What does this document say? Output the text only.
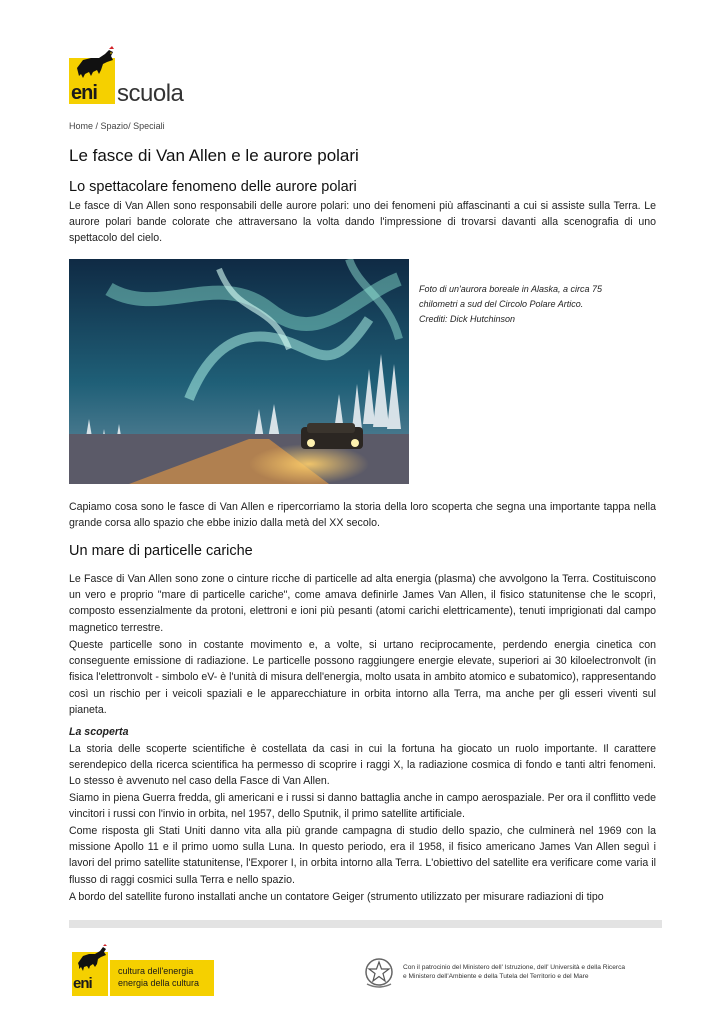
eni scuola
Home / Spazio/ Speciali
Le fasce di Van Allen e le aurore polari
Lo spettacolare fenomeno delle aurore polari

Le fasce di Van Allen sono responsabili delle aurore polari: uno dei fenomeni più affascinanti a cui si assiste sulla Terra. Le aurore polari bande colorate che attraversano la volta dando l'impressione di trovarsi davanti alla scenografia di uno spettacolo del cielo.

Foto di un'aurora boreale in Alaska, a circa 75
chilometri a sud del Circolo Polare Artico.
Crediti: Dick Hutchinson

Capiamo cosa sono le fasce di Van Allen e ripercorriamo la storia della loro scoperta che segna una importante tappa nella grande corsa allo spazio che ebbe inizio dalla metà del XX secolo.

Un mare di particelle cariche

Le Fasce di Van Allen sono zone o cinture ricche di particelle ad alta energia (plasma) che avvolgono la Terra. Costituiscono un vero e proprio "mare di particelle cariche", come amava definirle James Van Allen, il fisico statunitense che le scoprì, composto essenzialmente da protoni, elettroni e ioni più pesanti (atomi carichi elettricamente), tenuti imprigionati dal campo magnetico terrestre.

Queste particelle sono in costante movimento e, a volte, si urtano reciprocamente, perdendo energia cinetica con conseguente emissione di radiazione. Le particelle possono raggiungere energie elevate, superiori ai 30 kiloelectronvolt (in fisica l'elettronvolt - simbolo eV- è l'unità di misura dell'energia, molto usata in ambito atomico e subatomico), rappresentando così un rischio per i veicoli spaziali e le apparecchiature in orbita intorno alla Terra, ma anche per gli esseri viventi sul pianeta.

La scoperta

La storia delle scoperte scientifiche è costellata da casi in cui la fortuna ha giocato un ruolo importante. Il carattere serendepico della ricerca scientifica ha permesso di scoprire i raggi X, la radiazione cosmica di fondo e tanti altri fenomeni. Lo stesso è avvenuto nel caso della Fasce di Van Allen.

Siamo in piena Guerra fredda, gli americani e i russi si danno battaglia anche in campo aerospaziale. Per ora il conflitto vede vincitori i russi con l'invio in orbita, nel 1957, dello Sputnik, il primo satellite artificiale.

Come risposta gli Stati Uniti danno vita alla più grande campagna di studio dello spazio, che culminerà nel 1969 con la missione Apollo 11 e il primo uomo sulla Luna. In questo periodo, era il 1958, il fisico americano James Van Allen seguì i lavori del primo satellite statunitense, l'Exporer I, in orbita intorno alla Terra. L'obiettivo del satellite era verificare come varia il flusso di raggi cosmici sulla Terra e nello spazio.

A bordo del satellite furono installati anche un contatore Geiger (strumento utilizzato per misurare radiazioni di tipo

eni
cultura dell'energia
energia della cultura
Con il patrocinio del Ministero dell' Istruzione, dell' Università e della Ricerca
e Ministero dell'Ambiente e della Tutela del Territorio e del Mare
